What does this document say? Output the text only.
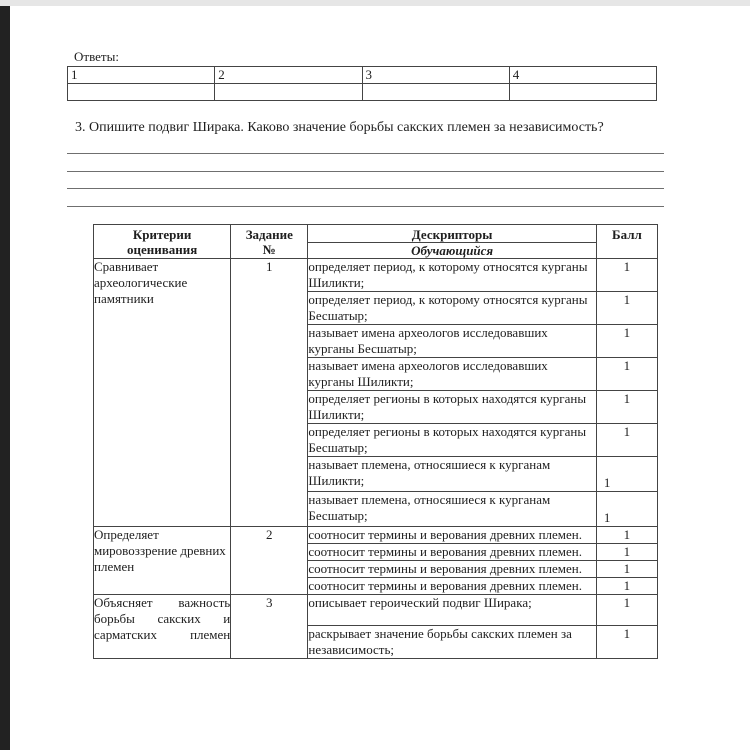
Ответы:
1	2	3	4

3. Опишите подвиг Ширака. Каково значение борьбы сакских племен за независимость?
Критерии оценивания	Задание №	Дескрипторы	Балл
		Обучающийся	
Сравнивает археологические памятники	1	определяет период, к которому относятся курганы Шиликти;	1
		определяет период, к которому относятся курганы Бесшатыр;	1
		называет имена археологов исследовавших курганы Бесшатыр;	1
		называет имена археологов исследовавших курганы Шиликти;	1
		определяет регионы в которых находятся курганы Шиликти;	1
		определяет регионы в которых находятся курганы Бесшатыр;	1
		называет племена, относяшиеся к курганам Шиликти;	1
		называет племена, относяшиеся к курганам Бесшатыр;	1
Определяет мировоззрение древних племен	2	соотносит термины и верования древних племен.	1
		соотносит термины и верования древних племен.	1
		соотносит термины и верования древних племен.	1
		соотносит термины и верования древних племен.	1
Объясняет важность борьбы сакских и сарматских племен	3	описывает героический подвиг Ширака;	1
		раскрывает значение борьбы сакских племен за независимость;	1
